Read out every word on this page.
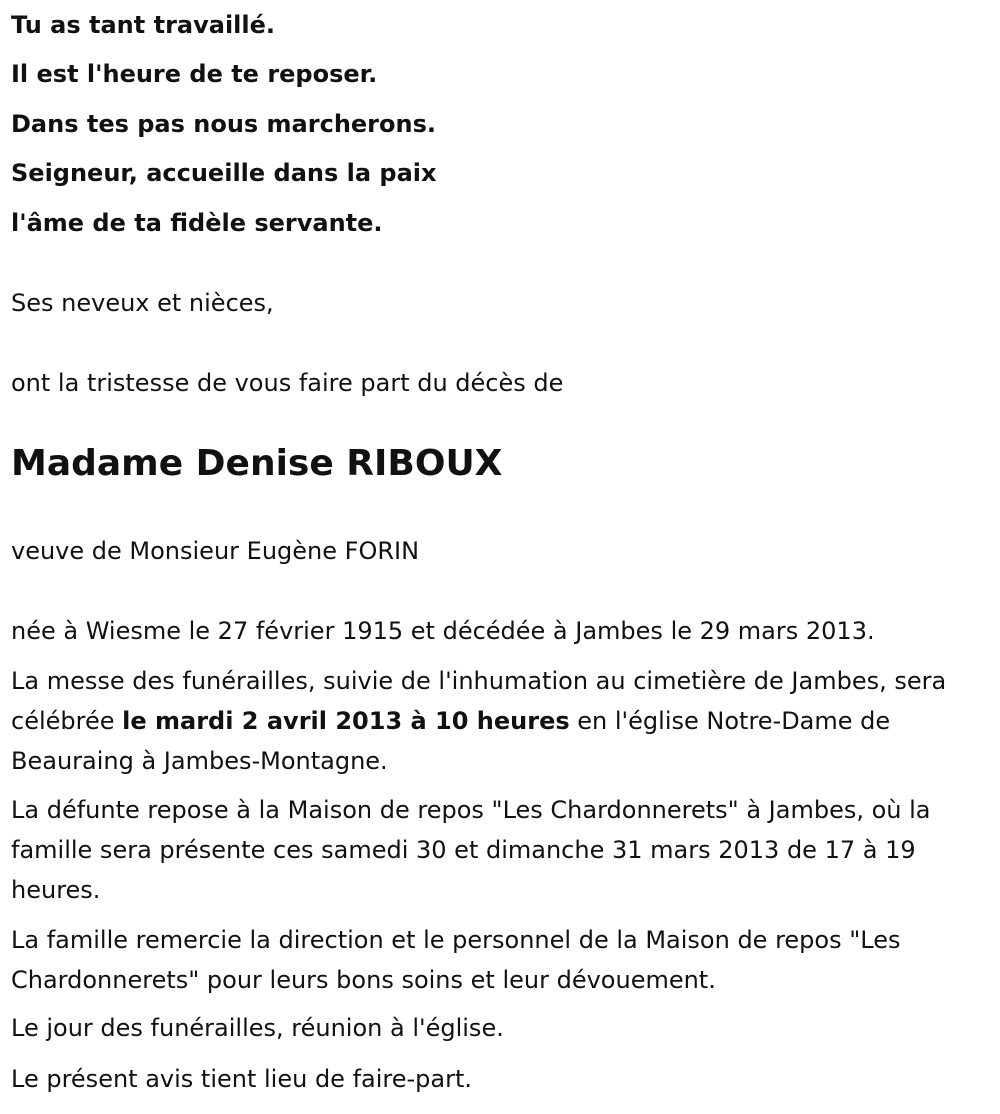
Tu as tant travaillé.
Il est l'heure de te reposer.
Dans tes pas nous marcherons.
Seigneur, accueille dans la paix
l'âme de ta fidèle servante.
Ses neveux et nièces,
ont la tristesse de vous faire part du décès de
Madame Denise RIBOUX
veuve de Monsieur Eugène FORIN
née à Wiesme le 27 février 1915 et décédée à Jambes le 29 mars 2013.
La messe des funérailles, suivie de l'inhumation au cimetière de Jambes, sera célébrée le mardi 2 avril 2013 à 10 heures en l'église Notre-Dame de Beauraing à Jambes-Montagne.
La défunte repose à la Maison de repos "Les Chardonnerets" à Jambes, où la famille sera présente ces samedi 30 et dimanche 31 mars 2013 de 17 à 19 heures.
La famille remercie la direction et le personnel de la Maison de repos "Les Chardonnerets" pour leurs bons soins et leur dévouement.
Le jour des funérailles, réunion à l'église.
Le présent avis tient lieu de faire-part.
